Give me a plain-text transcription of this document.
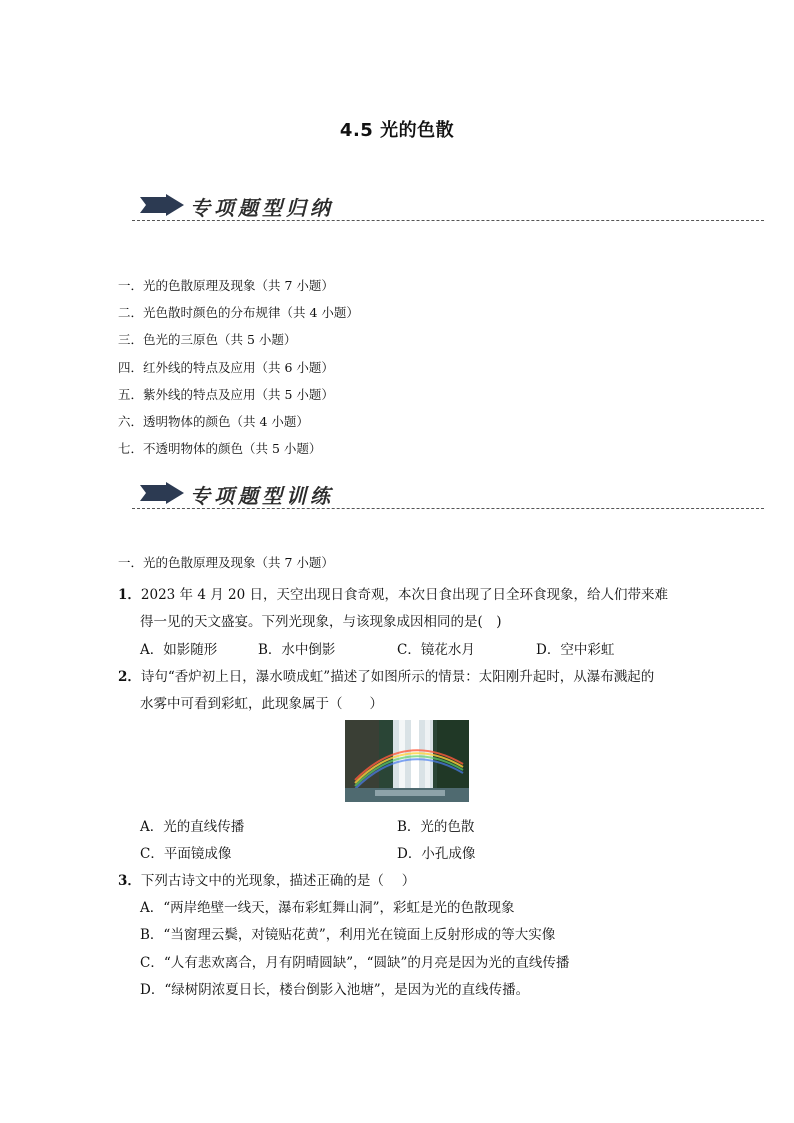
4.5 光的色散
专项题型归纳
一．光的色散原理及现象（共 7 小题）
二．光色散时颜色的分布规律（共 4 小题）
三．色光的三原色（共 5 小题）
四．红外线的特点及应用（共 6 小题）
五．紫外线的特点及应用（共 5 小题）
六．透明物体的颜色（共 4 小题）
七．不透明物体的颜色（共 5 小题）
专项题型训练
一．光的色散原理及现象（共 7 小题）
1．2023 年 4 月 20 日，天空出现日食奇观，本次日食出现了日全环食现象，给人们带来难
得一见的天文盛宴。下列光现象，与该现象成因相同的是(　)
A．如影随形	B．水中倒影	C．镜花水月	D．空中彩虹
2．诗句“香炉初上日，瀑水喷成虹”描述了如图所示的情景：太阳刚升起时，从瀑布溅起的
水雾中可看到彩虹，此现象属于（　　）
A．光的直线传播	B．光的色散
C．平面镜成像	D．小孔成像
3．下列古诗文中的光现象，描述正确的是（　 ）
A．“两岸绝壁一线天，瀑布彩虹舞山洞”，彩虹是光的色散现象
B．“当窗理云鬓，对镜贴花黄”，利用光在镜面上反射形成的等大实像
C．“人有悲欢离合，月有阴晴圆缺”，“圆缺”的月亮是因为光的直线传播
D．“绿树阴浓夏日长，楼台倒影入池塘”，是因为光的直线传播。
